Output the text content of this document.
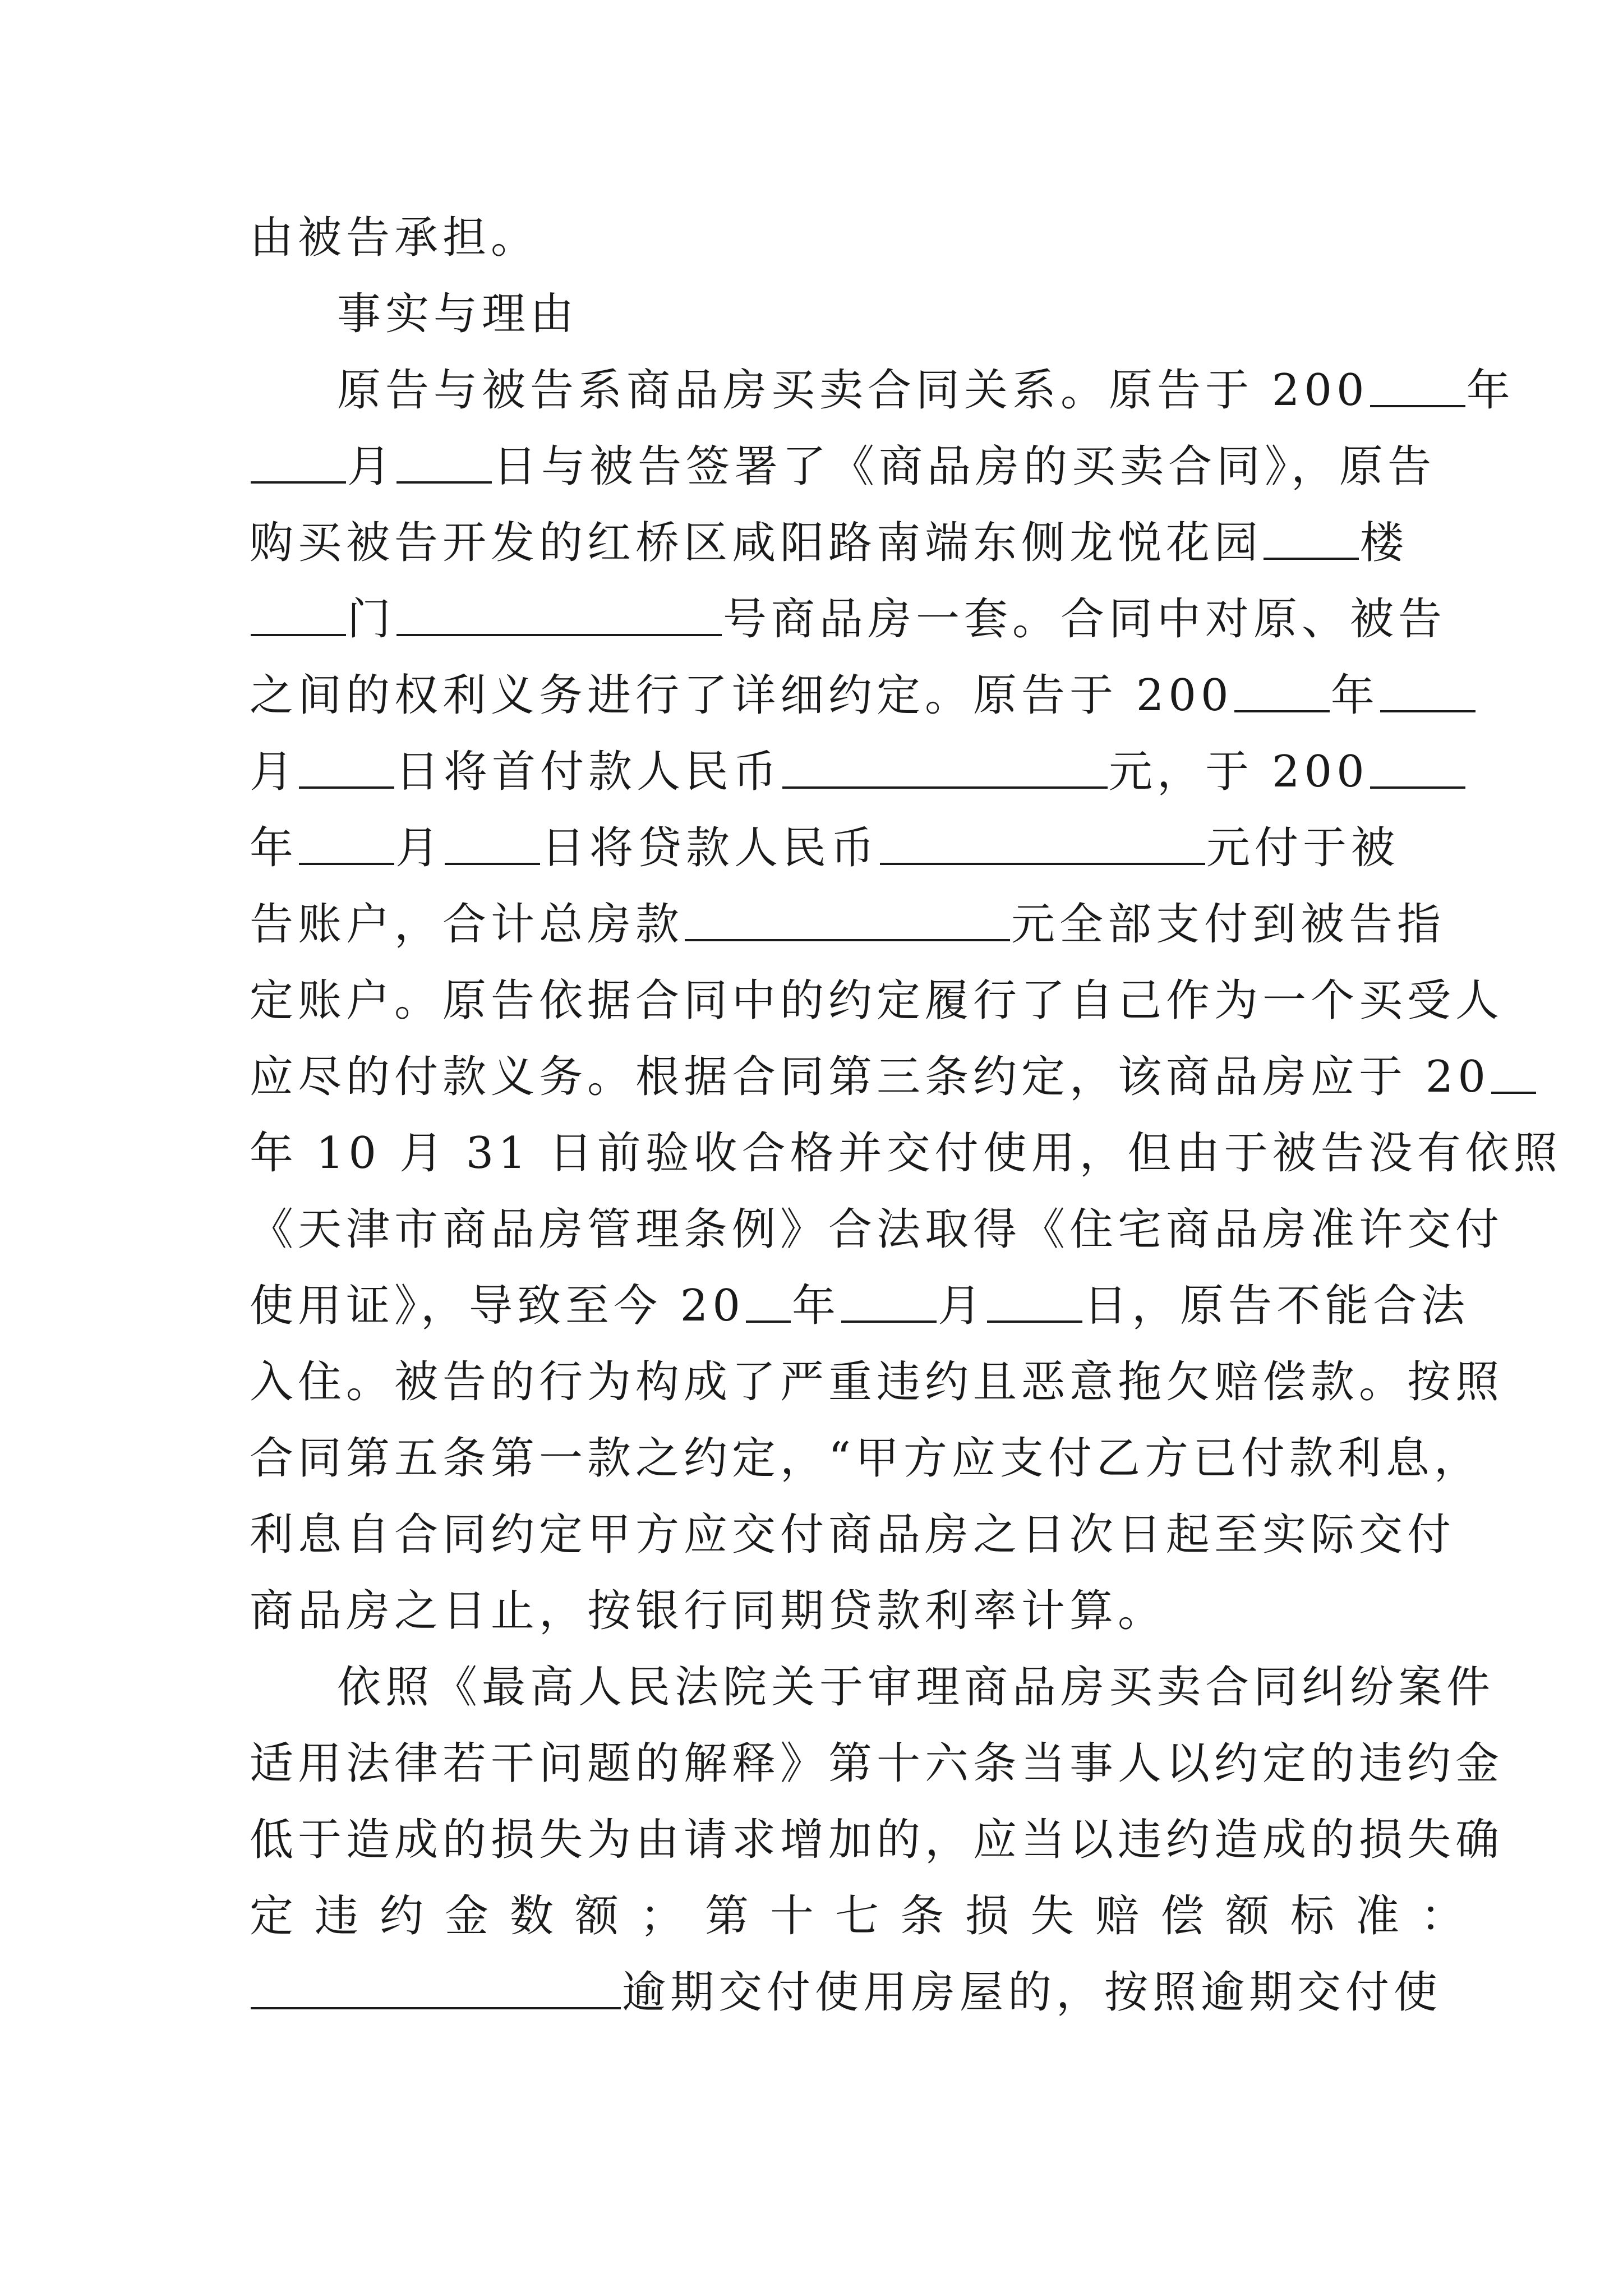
由被告承担。
事实与理由
原告与被告系商品房买卖合同关系。原告于 200 年
月 日与被告签署了《商品房的买卖合同》，原告
购买被告开发的红桥区咸阳路南端东侧龙悦花园 楼
门	号商品房一套。合同中对原、被告
之间的权利义务进行了详细约定。原告于 200 年
月 日将首付款人民币	元，于 200
年 月 日将贷款人民币	元付于被
告账户，合计总房款	元全部支付到被告指
定账户。原告依据合同中的约定履行了自己作为一个买受人
应尽的付款义务。根据合同第三条约定，该商品房应于 20
年 10 月 31 日前验收合格并交付使用，但由于被告没有依照
《天津市商品房管理条例》合法取得《住宅商品房准许交付
使用证》，导致至今 20 年 月 日，原告不能合法
入住。被告的行为构成了严重违约且恶意拖欠赔偿款。按照
合同第五条第一款之约定，“甲方应支付乙方已付款利息，
利息自合同约定甲方应交付商品房之日次日起至实际交付
商品房之日止，按银行同期贷款利率计算。
依照《最高人民法院关于审理商品房买卖合同纠纷案件
适用法律若干问题的解释》第十六条当事人以约定的违约金
低于造成的损失为由请求增加的，应当以违约造成的损失确
定违约金数额；第十七条损失赔偿额标准：
逾期交付使用房屋的，按照逾期交付使
